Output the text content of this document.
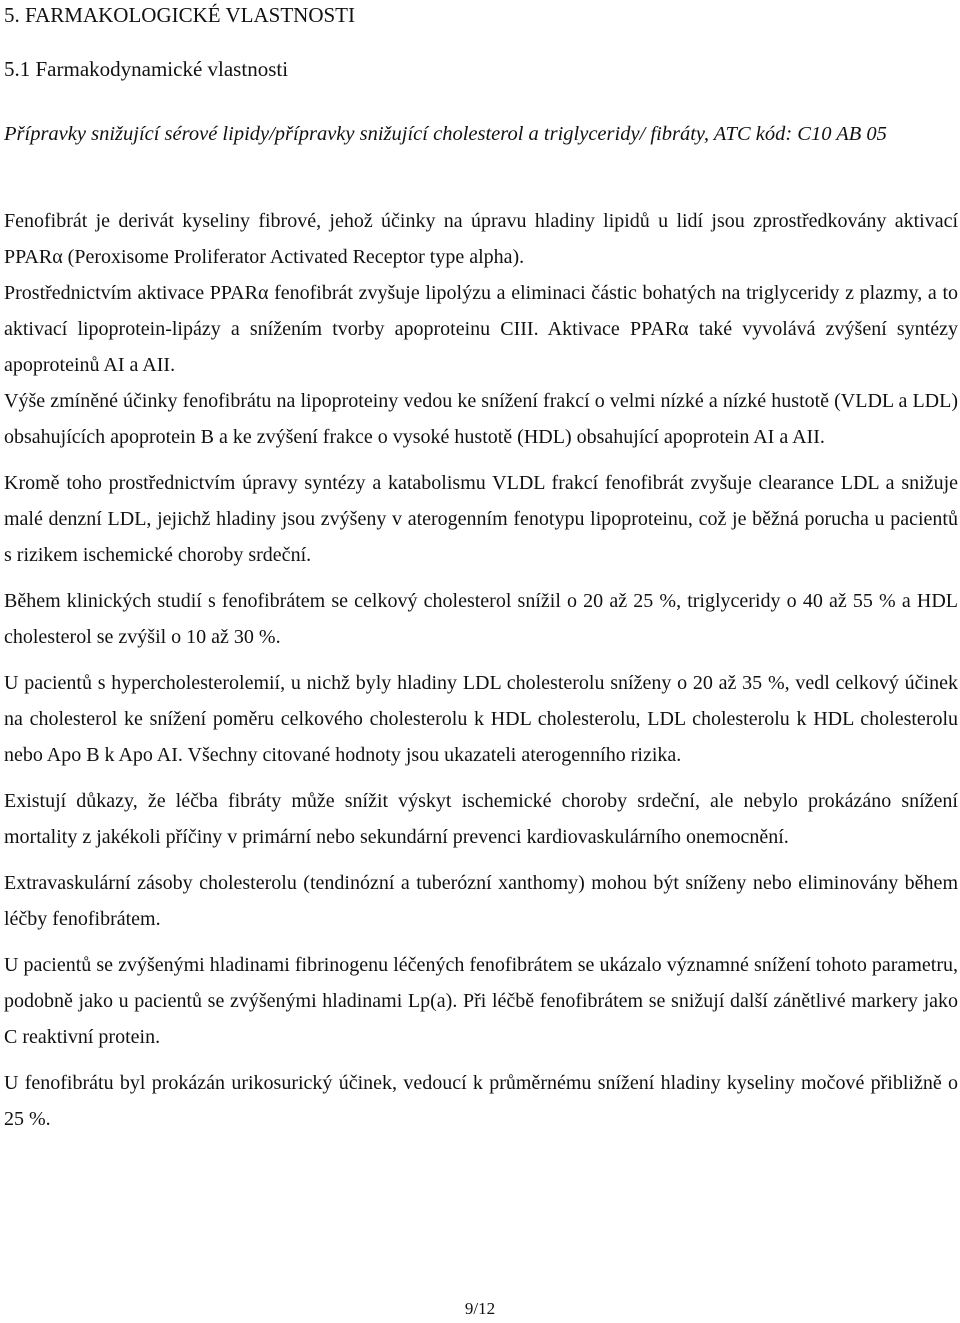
5. FARMAKOLOGICKÉ VLASTNOSTI
5.1 Farmakodynamické vlastnosti
Přípravky snižující sérové lipidy/přípravky snižující cholesterol a triglyceridy/ fibráty, ATC kód: C10 AB 05

Fenofibrát je derivát kyseliny fibrové, jehož účinky na úpravu hladiny lipidů u lidí jsou zprostředkovány aktivací PPARα (Peroxisome Proliferator Activated Receptor type alpha).

Prostřednictvím aktivace PPARα fenofibrát zvyšuje lipolýzu a eliminaci částic bohatých na triglyceridy z plazmy, a to aktivací lipoprotein-lipázy a snížením tvorby apoproteinu CIII. Aktivace PPARα také vyvolává zvýšení syntézy apoproteinů AI a AII.

Výše zmíněné účinky fenofibrátu na lipoproteiny vedou ke snížení frakcí o velmi nízké a nízké hustotě (VLDL a LDL) obsahujících apoprotein B a ke zvýšení frakce o vysoké hustotě (HDL) obsahující apoprotein AI a AII.

Kromě toho prostřednictvím úpravy syntézy a katabolismu VLDL frakcí fenofibrát zvyšuje clearance LDL a snižuje malé denzní LDL, jejichž hladiny jsou zvýšeny v aterogenním fenotypu lipoproteinu, což je běžná porucha u pacientů s rizikem ischemické choroby srdeční.

Během klinických studií s fenofibrátem se celkový cholesterol snížil o 20 až 25 %, triglyceridy o 40 až 55 % a HDL cholesterol se zvýšil o 10 až 30 %.

U pacientů s hypercholesterolemií, u nichž byly hladiny LDL cholesterolu sníženy o 20 až 35 %, vedl celkový účinek na cholesterol ke snížení poměru celkového cholesterolu k HDL cholesterolu, LDL cholesterolu k HDL cholesterolu nebo Apo B k Apo AI. Všechny citované hodnoty jsou ukazateli aterogenního rizika.

Existují důkazy, že léčba fibráty může snížit výskyt ischemické choroby srdeční, ale nebylo prokázáno snížení mortality z jakékoli příčiny v primární nebo sekundární prevenci kardiovaskulárního onemocnění.

Extravaskulární zásoby cholesterolu (tendinózní a tuberózní xanthomy) mohou být sníženy nebo eliminovány během léčby fenofibrátem.

U pacientů se zvýšenými hladinami fibrinogenu léčených fenofibrátem se ukázalo významné snížení tohoto parametru, podobně jako u pacientů se zvýšenými hladinami Lp(a). Při léčbě fenofibrátem se snižují další zánětlivé markery jako C reaktivní protein.

U fenofibrátu byl prokázán urikosurický účinek, vedoucí k průměrnému snížení hladiny kyseliny močové přibližně o 25 %.

9/12
